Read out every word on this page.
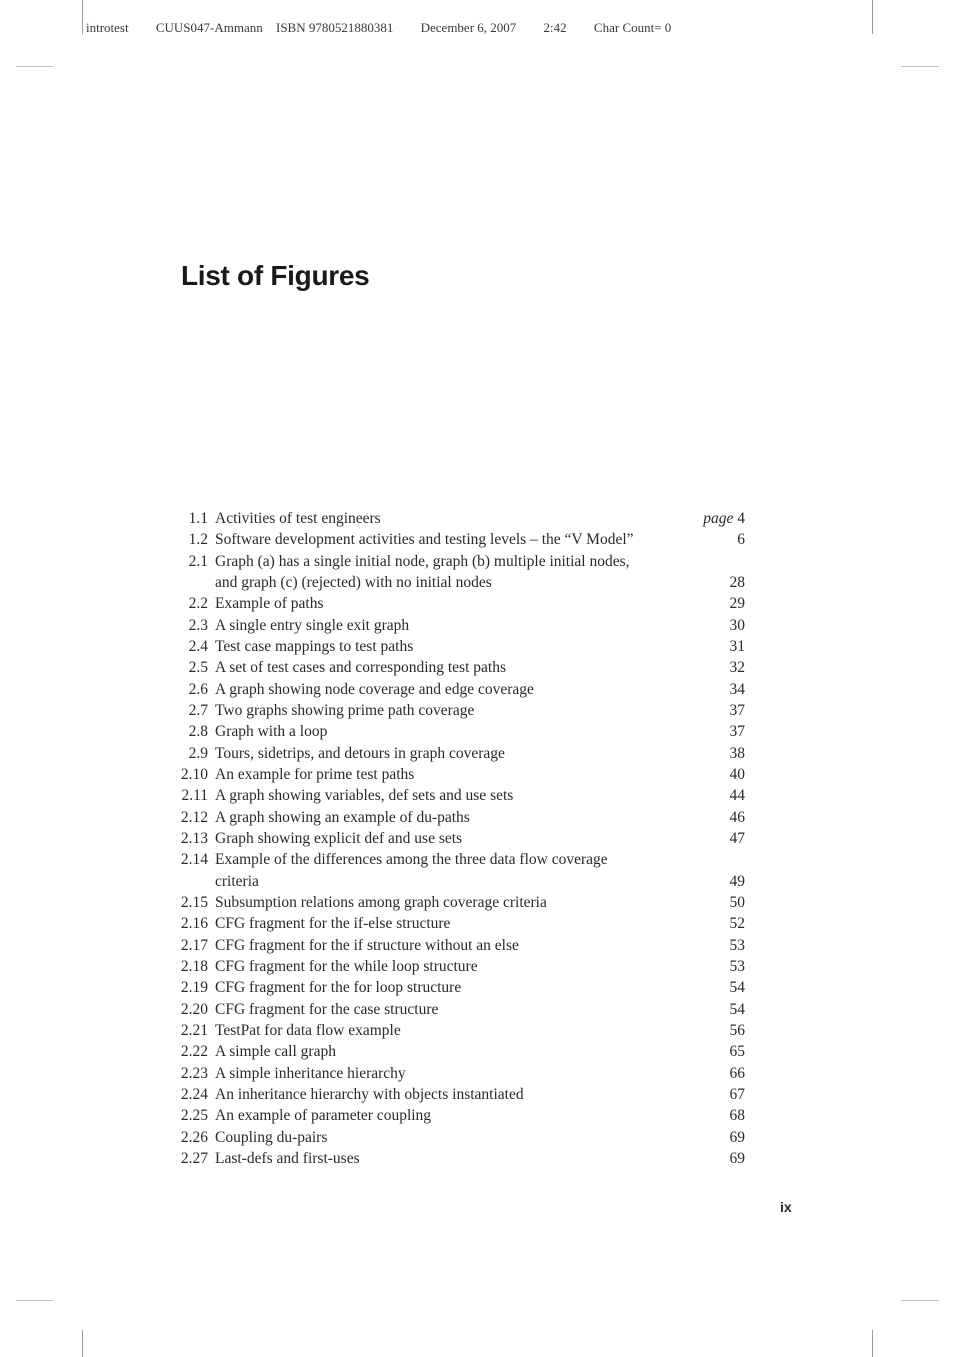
introtest CUUS047-Ammann ISBN 9780521880381 December 6, 2007 2:42 Char Count= 0
List of Figures
1.1 Activities of test engineers	page 4
1.2 Software development activities and testing levels – the “V Model”	6
2.1 Graph (a) has a single initial node, graph (b) multiple initial nodes,
and graph (c) (rejected) with no initial nodes	28
2.2 Example of paths	29
2.3 A single entry single exit graph	30
2.4 Test case mappings to test paths	31
2.5 A set of test cases and corresponding test paths	32
2.6 A graph showing node coverage and edge coverage	34
2.7 Two graphs showing prime path coverage	37
2.8 Graph with a loop	37
2.9 Tours, sidetrips, and detours in graph coverage	38
2.10 An example for prime test paths	40
2.11 A graph showing variables, def sets and use sets	44
2.12 A graph showing an example of du-paths	46
2.13 Graph showing explicit def and use sets	47
2.14 Example of the differences among the three data flow coverage
criteria	49
2.15 Subsumption relations among graph coverage criteria	50
2.16 CFG fragment for the if-else structure	52
2.17 CFG fragment for the if structure without an else	53
2.18 CFG fragment for the while loop structure	53
2.19 CFG fragment for the for loop structure	54
2.20 CFG fragment for the case structure	54
2.21 TestPat for data flow example	56
2.22 A simple call graph	65
2.23 A simple inheritance hierarchy	66
2.24 An inheritance hierarchy with objects instantiated	67
2.25 An example of parameter coupling	68
2.26 Coupling du-pairs	69
2.27 Last-defs and first-uses	69
ix
